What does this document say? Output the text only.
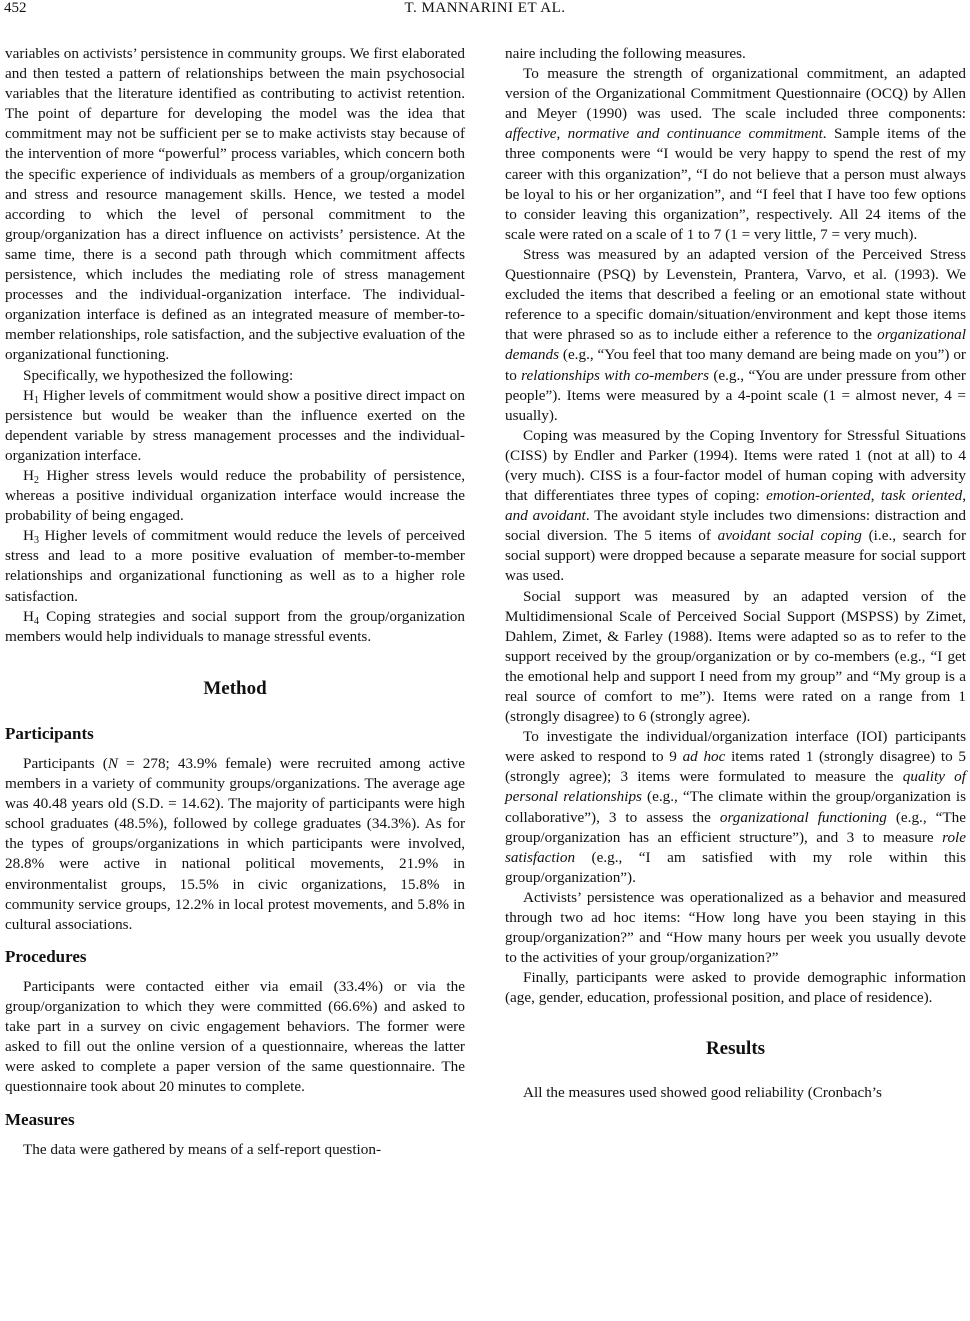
452	T. MANNARINI ET AL.

variables on activists’ persistence in community groups. We first elaborated and then tested a pattern of relationships between the main psychosocial variables that the literature identified as contributing to activist retention. The point of departure for developing the model was the idea that commitment may not be sufficient per se to make activists stay because of the intervention of more “powerful” process variables, which concern both the specific experience of individuals as members of a group/organization and stress and resource management skills. Hence, we tested a model according to which the level of personal commitment to the group/organization has a direct influence on activists’ persistence. At the same time, there is a second path through which commitment affects persistence, which includes the mediating role of stress management processes and the individual-organization interface. The individual-organization interface is defined as an integrated measure of member-to-member relationships, role satisfaction, and the subjective evaluation of the organizational functioning.

Specifically, we hypothesized the following:

$H_1$ Higher levels of commitment would show a positive direct impact on persistence but would be weaker than the influence exerted on the dependent variable by stress management processes and the individual-organization interface.

$H_2$ Higher stress levels would reduce the probability of persistence, whereas a positive individual organization interface would increase the probability of being engaged.

$H_3$ Higher levels of commitment would reduce the levels of perceived stress and lead to a more positive evaluation of member-to-member relationships and organizational functioning as well as to a higher role satisfaction.

$H_4$ Coping strategies and social support from the group/organization members would help individuals to manage stressful events.

Method
Participants

Participants (N = 278; 43.9% female) were recruited among active members in a variety of community groups/organizations. The average age was 40.48 years old (S.D. = 14.62). The majority of participants were high school graduates (48.5%), followed by college graduates (34.3%). As for the types of groups/organizations in which participants were involved, 28.8% were active in national political movements, 21.9% in environmentalist groups, 15.5% in civic organizations, 15.8% in community service groups, 12.2% in local protest movements, and 5.8% in cultural associations.

Procedures

Participants were contacted either via email (33.4%) or via the group/organization to which they were committed (66.6%) and asked to take part in a survey on civic engagement behaviors. The former were asked to fill out the online version of a questionnaire, whereas the latter were asked to complete a paper version of the same questionnaire. The questionnaire took about 20 minutes to complete.

Measures

The data were gathered by means of a self-report question-

naire including the following measures.

To measure the strength of organizational commitment, an adapted version of the Organizational Commitment Questionnaire (OCQ) by Allen and Meyer (1990) was used. The scale included three components: affective, normative and continuance commitment. Sample items of the three components were “I would be very happy to spend the rest of my career with this organization”, “I do not believe that a person must always be loyal to his or her organization”, and “I feel that I have too few options to consider leaving this organization”, respectively. All 24 items of the scale were rated on a scale of 1 to 7 (1 = very little, 7 = very much).

Stress was measured by an adapted version of the Perceived Stress Questionnaire (PSQ) by Levenstein, Prantera, Varvo, et al. (1993). We excluded the items that described a feeling or an emotional state without reference to a specific domain/situation/environment and kept those items that were phrased so as to include either a reference to the organizational demands (e.g., “You feel that too many demand are being made on you”) or to relationships with co-members (e.g., “You are under pressure from other people”). Items were measured by a 4-point scale (1 = almost never, 4 = usually).

Coping was measured by the Coping Inventory for Stressful Situations (CISS) by Endler and Parker (1994). Items were rated 1 (not at all) to 4 (very much). CISS is a four-factor model of human coping with adversity that differentiates three types of coping: emotion-oriented, task oriented, and avoidant. The avoidant style includes two dimensions: distraction and social diversion. The 5 items of avoidant social coping (i.e., search for social support) were dropped because a separate measure for social support was used.

Social support was measured by an adapted version of the Multidimensional Scale of Perceived Social Support (MSPSS) by Zimet, Dahlem, Zimet, & Farley (1988). Items were adapted so as to refer to the support received by the group/organization or by co-members (e.g., “I get the emotional help and support I need from my group” and “My group is a real source of comfort to me”). Items were rated on a range from 1 (strongly disagree) to 6 (strongly agree).

To investigate the individual/organization interface (IOI) participants were asked to respond to 9 ad hoc items rated 1 (strongly disagree) to 5 (strongly agree); 3 items were formulated to measure the quality of personal relationships (e.g., “The climate within the group/organization is collaborative”), 3 to assess the organizational functioning (e.g., “The group/organization has an efficient structure”), and 3 to measure role satisfaction (e.g., “I am satisfied with my role within this group/organization”).

Activists’ persistence was operationalized as a behavior and measured through two ad hoc items: “How long have you been staying in this group/organization?” and “How many hours per week you usually devote to the activities of your group/organization?”

Finally, participants were asked to provide demographic information (age, gender, education, professional position, and place of residence).

Results

All the measures used showed good reliability (Cronbach’s
